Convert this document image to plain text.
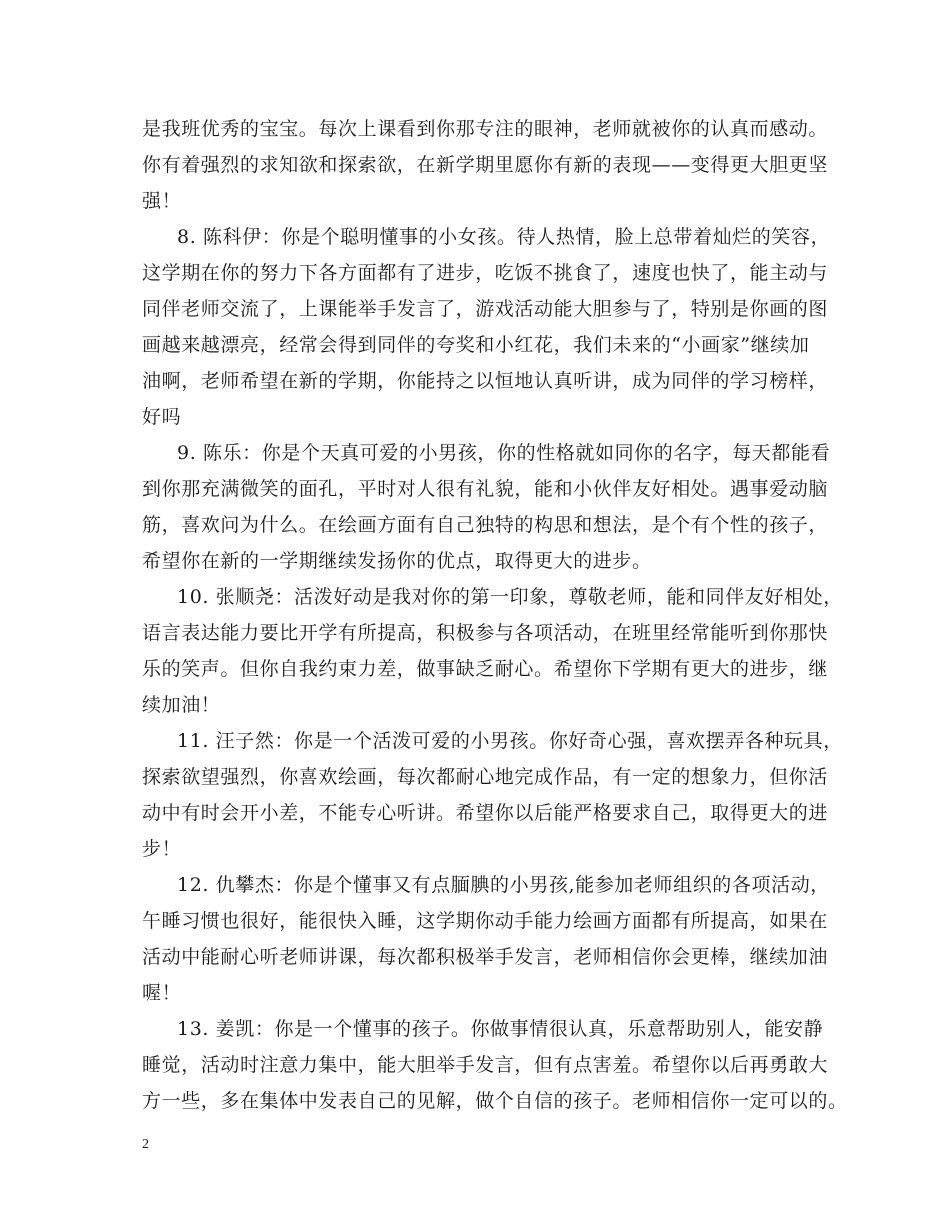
是我班优秀的宝宝。每次上课看到你那专注的眼神，老师就被你的认真而感动。
你有着强烈的求知欲和探索欲，在新学期里愿你有新的表现——变得更大胆更坚
强！
8. 陈科伊：你是个聪明懂事的小女孩。待人热情，脸上总带着灿烂的笑容，
这学期在你的努力下各方面都有了进步，吃饭不挑食了，速度也快了，能主动与
同伴老师交流了，上课能举手发言了，游戏活动能大胆参与了，特别是你画的图
画越来越漂亮，经常会得到同伴的夸奖和小红花，我们未来的“小画家”继续加
油啊，老师希望在新的学期，你能持之以恒地认真听讲，成为同伴的学习榜样，
好吗
9. 陈乐：你是个天真可爱的小男孩，你的性格就如同你的名字，每天都能看
到你那充满微笑的面孔，平时对人很有礼貌，能和小伙伴友好相处。遇事爱动脑
筋，喜欢问为什么。在绘画方面有自己独特的构思和想法，是个有个性的孩子，
希望你在新的一学期继续发扬你的优点，取得更大的进步。
10. 张顺尧：活泼好动是我对你的第一印象，尊敬老师，能和同伴友好相处，
语言表达能力要比开学有所提高，积极参与各项活动，在班里经常能听到你那快
乐的笑声。但你自我约束力差，做事缺乏耐心。希望你下学期有更大的进步，继
续加油！
11. 汪子然：你是一个活泼可爱的小男孩。你好奇心强，喜欢摆弄各种玩具，
探索欲望强烈，你喜欢绘画，每次都耐心地完成作品，有一定的想象力，但你活
动中有时会开小差，不能专心听讲。希望你以后能严格要求自己，取得更大的进
步！
12. 仇攀杰：你是个懂事又有点腼腆的小男孩,能参加老师组织的各项活动，
午睡习惯也很好，能很快入睡，这学期你动手能力绘画方面都有所提高，如果在
活动中能耐心听老师讲课，每次都积极举手发言，老师相信你会更棒，继续加油
喔！
13. 姜凯：你是一个懂事的孩子。你做事情很认真，乐意帮助别人，能安静
睡觉，活动时注意力集中，能大胆举手发言，但有点害羞。希望你以后再勇敢大
方一些，多在集体中发表自己的见解，做个自信的孩子。老师相信你一定可以的。
2
